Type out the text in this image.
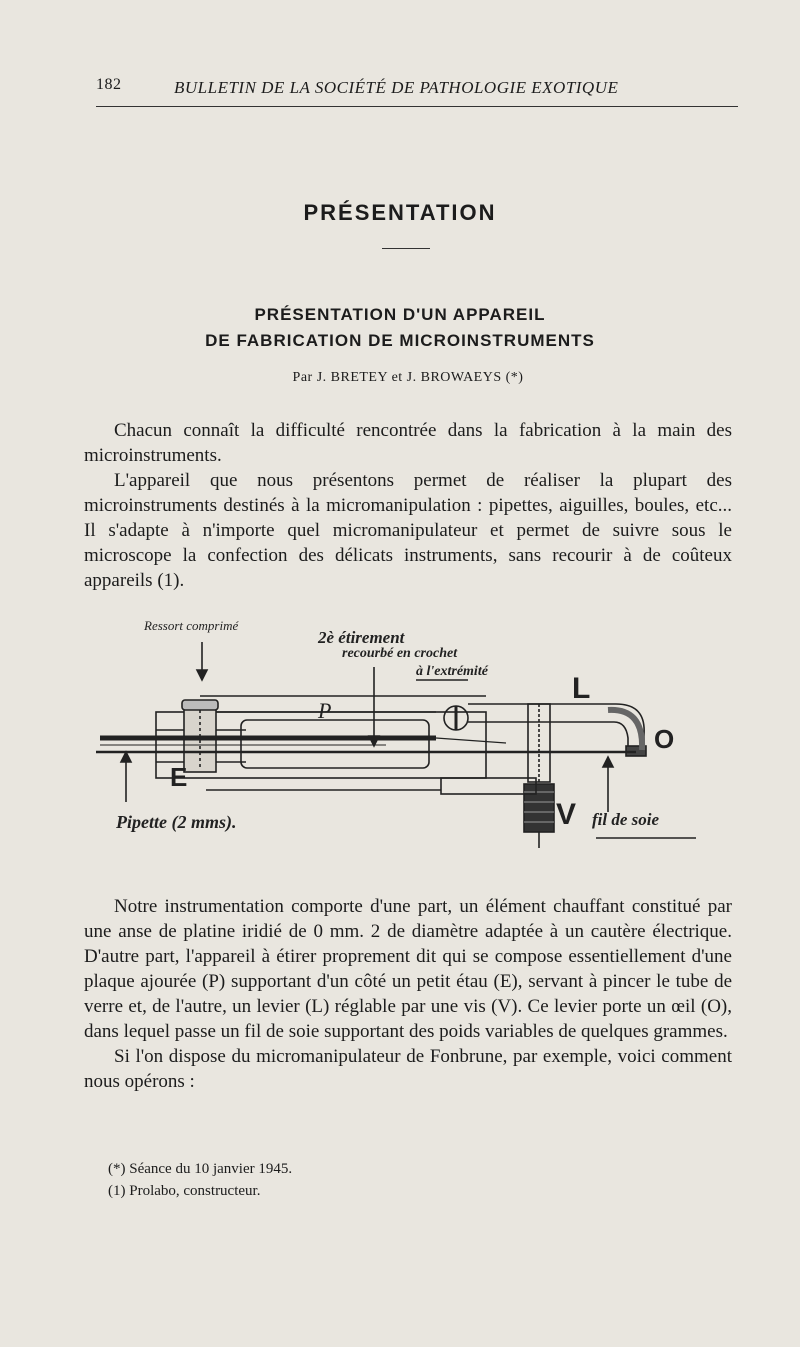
182	BULLETIN DE LA SOCIÉTÉ DE PATHOLOGIE EXOTIQUE
PRÉSENTATION
PRÉSENTATION D'UN APPAREIL
DE FABRICATION DE MICROINSTRUMENTS
Par J. BRETEY et J. BROWAEYS (*)

Chacun connaît la difficulté rencontrée dans la fabrication à la main des microinstruments.

L'appareil que nous présentons permet de réaliser la plupart des microinstruments destinés à la micromanipulation : pipettes, aiguilles, boules, etc... Il s'adapte à n'importe quel micromanipulateur et permet de suivre sous le microscope la confection des délicats instruments, sans recourir à de coûteux appareils (1).

Ressort comprimé
2è étirement
recourbé en crochet
à l'extrémité
L
P
O
E
V fil de soie
Pipette (2 mms).

Notre instrumentation comporte d'une part, un élément chauffant constitué par une anse de platine iridié de 0 mm. 2 de diamètre adaptée à un cautère électrique. D'autre part, l'appareil à étirer proprement dit qui se compose essentiellement d'une plaque ajourée (P) supportant d'un côté un petit étau (E), servant à pincer le tube de verre et, de l'autre, un levier (L) réglable par une vis (V). Ce levier porte un œil (O), dans lequel passe un fil de soie supportant des poids variables de quelques grammes.

Si l'on dispose du micromanipulateur de Fonbrune, par exemple, voici comment nous opérons :

(*) Séance du 10 janvier 1945.
(1) Prolabo, constructeur.
